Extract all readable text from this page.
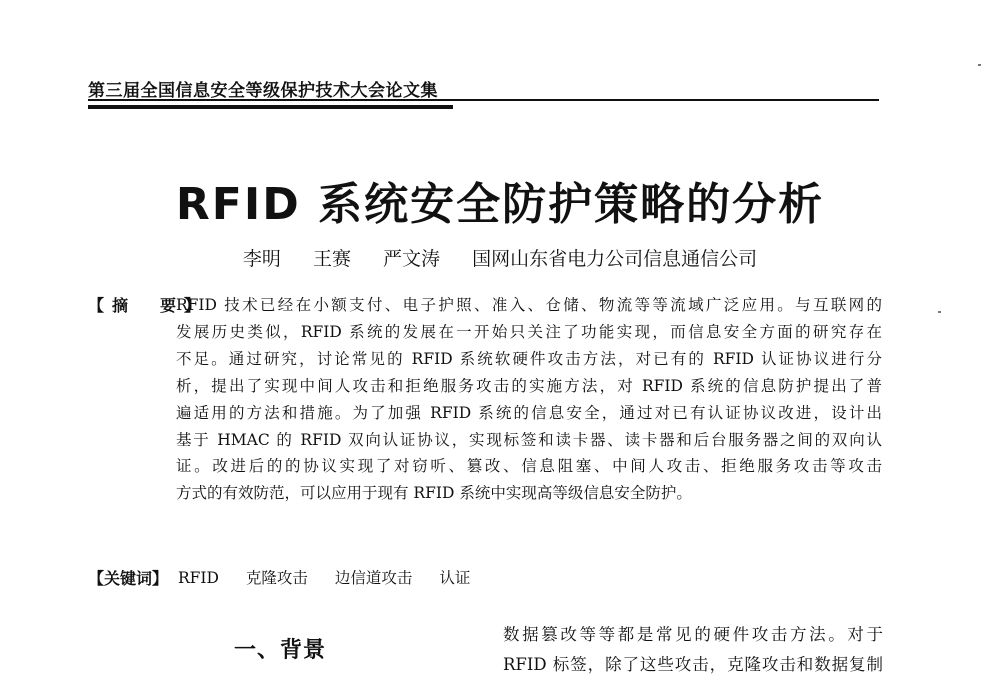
第三届全国信息安全等级保护技术大会论文集
RFID 系统安全防护策略的分析
李明 王赛 严文涛 国网山东省电力公司信息通信公司
【摘　要】
RFID 技术已经在小额支付、电子护照、准入、仓储、物流等等流域广泛应用。与互联网的
发展历史类似，RFID 系统的发展在一开始只关注了功能实现，而信息安全方面的研究存在
不足。通过研究，讨论常见的 RFID 系统软硬件攻击方法，对已有的 RFID 认证协议进行分
析，提出了实现中间人攻击和拒绝服务攻击的实施方法，对 RFID 系统的信息防护提出了普
遍适用的方法和措施。为了加强 RFID 系统的信息安全，通过对已有认证协议改进，设计出
基于 HMAC 的 RFID 双向认证协议，实现标签和读卡器、读卡器和后台服务器之间的双向认
证。改进后的的协议实现了对窃听、篡改、信息阻塞、中间人攻击、拒绝服务攻击等攻击
方式的有效防范，可以应用于现有 RFID 系统中实现高等级信息安全防护。
【关键词】 RFID 克隆攻击 边信道攻击 认证
一、背景
数据篡改等等都是常见的硬件攻击方法。对于
RFID 标签，除了这些攻击，克隆攻击和数据复制
